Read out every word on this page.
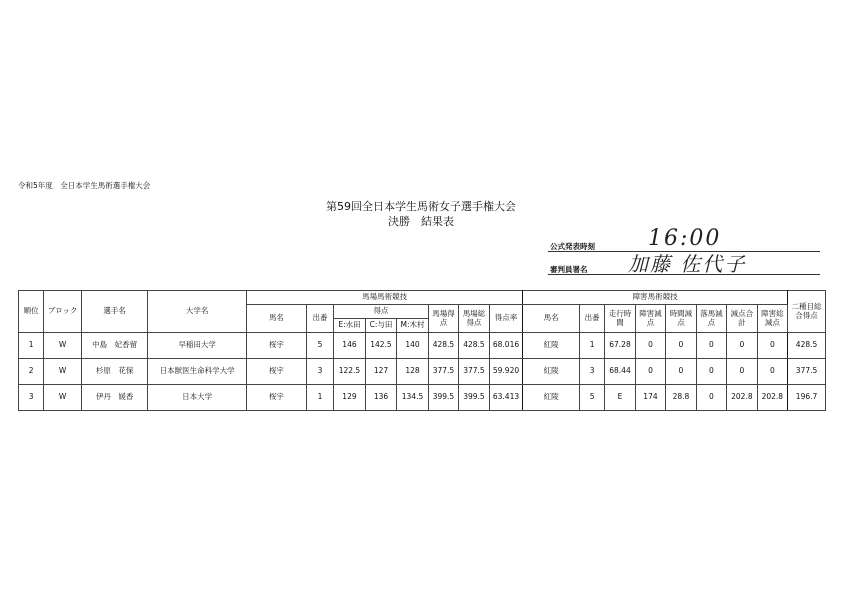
令和5年度　全日本学生馬術選手権大会
第59回全日本学生馬術女子選手権大会
決勝　結果表
公式発表時刻 16:00
審判員署名 加藤 佐代子
順位	ブロック	選手名	大学名	馬場馬術競技								障害馬術競技								二種目総合得点
				馬名	出番	得点			馬場得点	馬場総得点	得点率	馬名	出番	走行時間	障害減点	時間減点	落馬減点	減点合計	障害総減点	
						E:水田	C:与田	M:木村												
1	W	中島　妃香留	早稲田大学	桜宇	5	146	142.5	140	428.5	428.5	68.016	紅陵	1	67.28	0	0	0	0	0	428.5
2	W	杉原　花保	日本獣医生命科学大学	桜宇	3	122.5	127	128	377.5	377.5	59.920	紅陵	3	68.44	0	0	0	0	0	377.5
3	W	伊丹　媛香	日本大学	桜宇	1	129	136	134.5	399.5	399.5	63.413	紅陵	5	E	174	28.8	0	202.8	202.8	196.7
